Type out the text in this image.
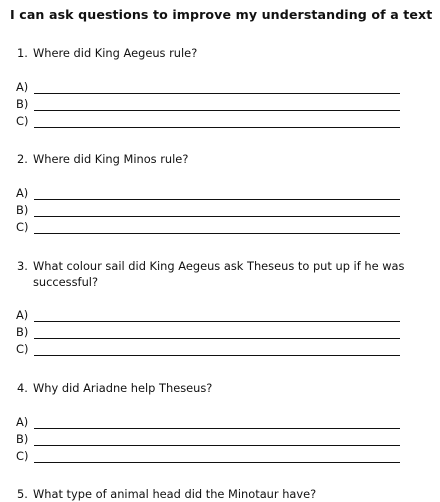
I can ask questions to improve my understanding of a text
1. Where did King Aegeus rule?
A)
B)
C)
2. Where did King Minos rule?
A)
B)
C)
3. What colour sail did King Aegeus ask Theseus to put up if he was successful?
A)
B)
C)
4. Why did Ariadne help Theseus?
A)
B)
C)
5. What type of animal head did the Minotaur have?
